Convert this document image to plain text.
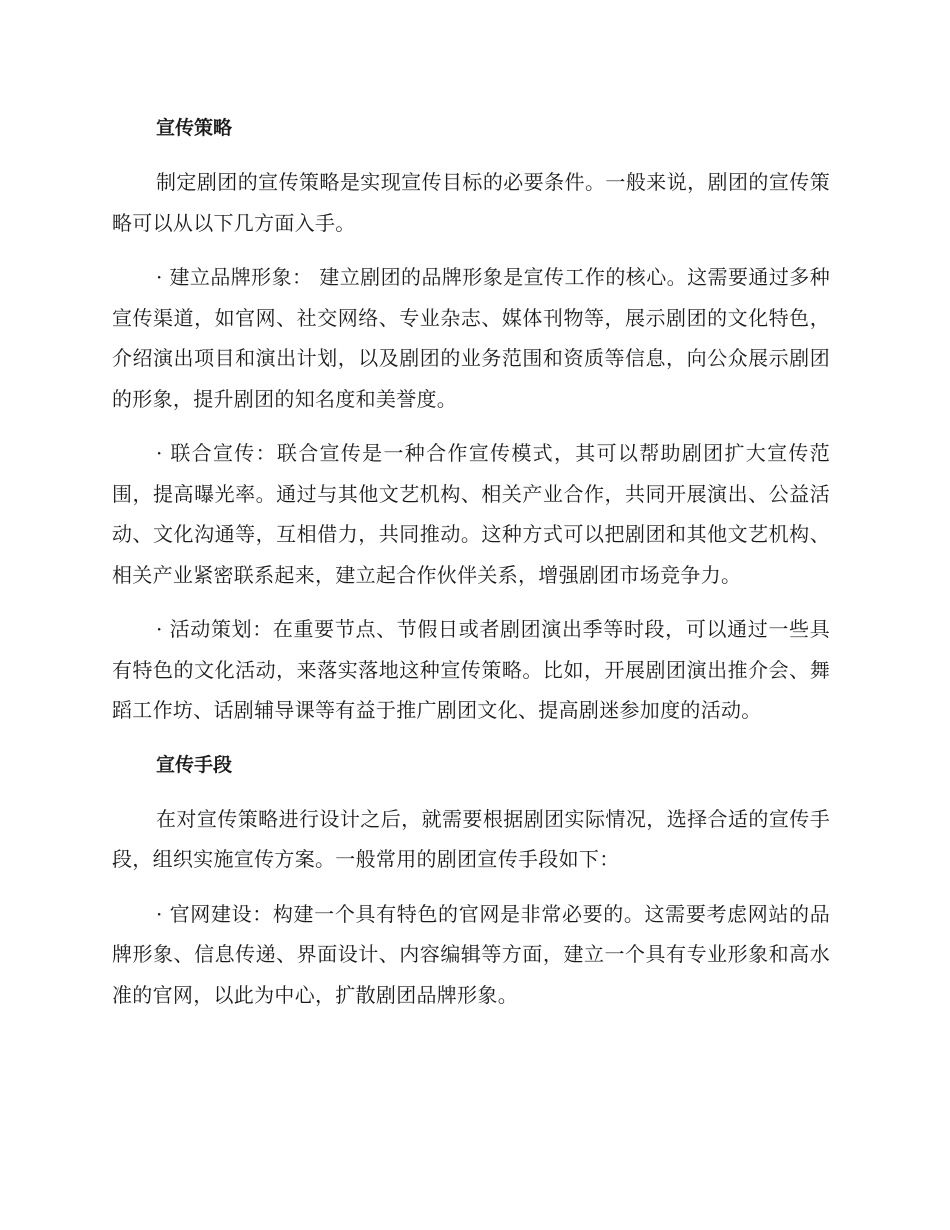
宣传策略

制定剧团的宣传策略是实现宣传目标的必要条件。一般来说，剧团的宣传策略可以从以下几方面入手。

· 建立品牌形象： 建立剧团的品牌形象是宣传工作的核心。这需要通过多种宣传渠道，如官网、社交网络、专业杂志、媒体刊物等，展示剧团的文化特色，介绍演出项目和演出计划，以及剧团的业务范围和资质等信息，向公众展示剧团的形象，提升剧团的知名度和美誉度。

· 联合宣传：联合宣传是一种合作宣传模式，其可以帮助剧团扩大宣传范围，提高曝光率。通过与其他文艺机构、相关产业合作，共同开展演出、公益活动、文化沟通等，互相借力，共同推动。这种方式可以把剧团和其他文艺机构、相关产业紧密联系起来，建立起合作伙伴关系，增强剧团市场竞争力。

· 活动策划：在重要节点、节假日或者剧团演出季等时段，可以通过一些具有特色的文化活动，来落实落地这种宣传策略。比如，开展剧团演出推介会、舞蹈工作坊、话剧辅导课等有益于推广剧团文化、提高剧迷参加度的活动。

宣传手段

在对宣传策略进行设计之后，就需要根据剧团实际情况，选择合适的宣传手段，组织实施宣传方案。一般常用的剧团宣传手段如下：

· 官网建设：构建一个具有特色的官网是非常必要的。这需要考虑网站的品牌形象、信息传递、界面设计、内容编辑等方面，建立一个具有专业形象和高水准的官网，以此为中心，扩散剧团品牌形象。
